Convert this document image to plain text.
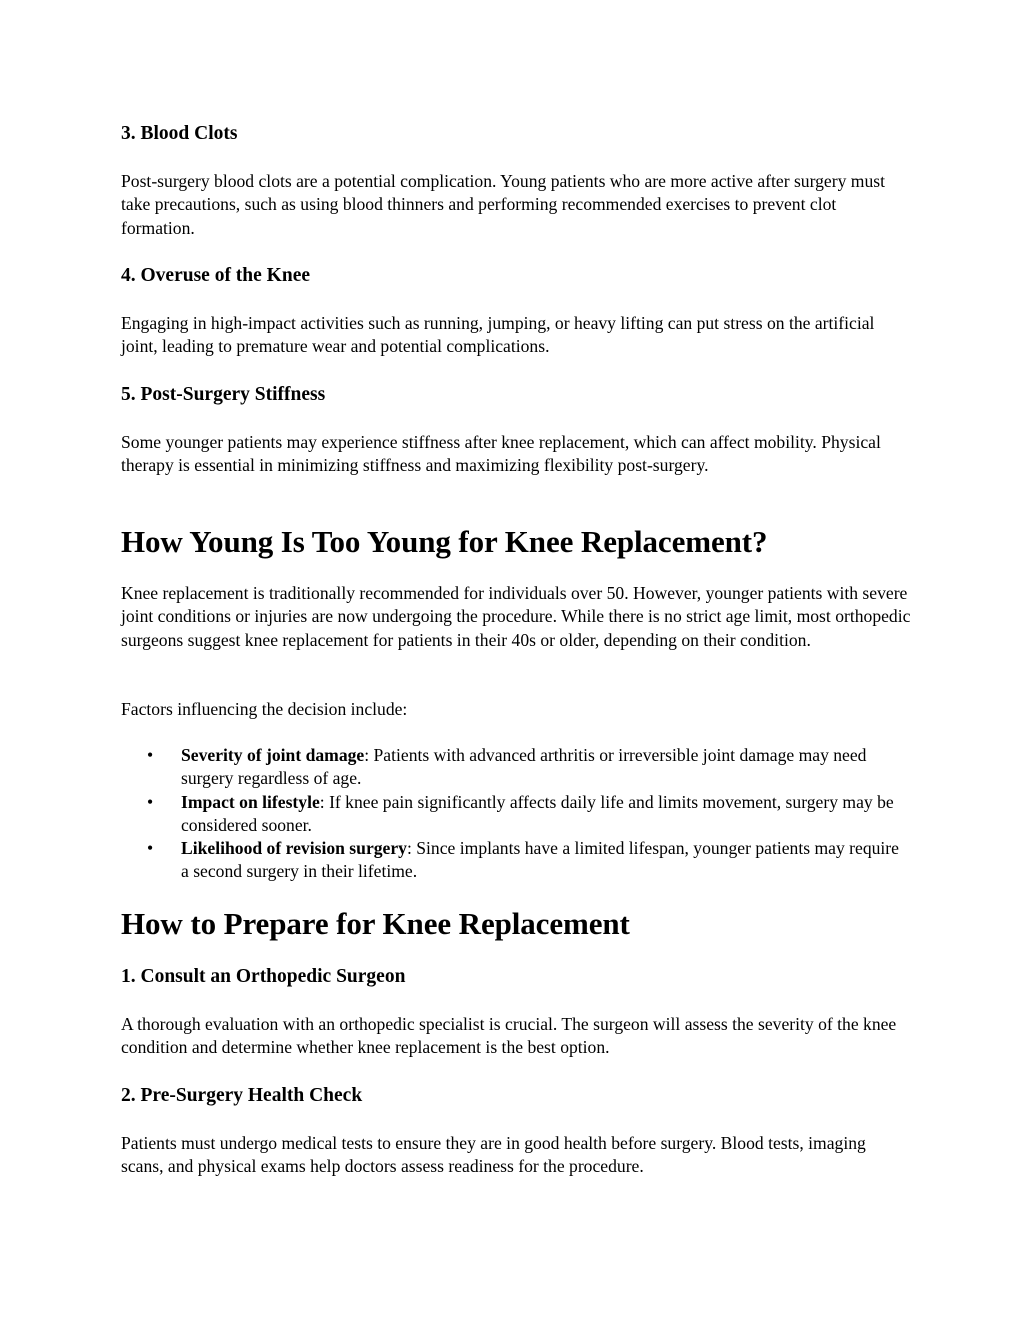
3. Blood Clots

Post-surgery blood clots are a potential complication. Young patients who are more active after surgery must take precautions, such as using blood thinners and performing recommended exercises to prevent clot formation.

4. Overuse of the Knee

Engaging in high-impact activities such as running, jumping, or heavy lifting can put stress on the artificial joint, leading to premature wear and potential complications.

5. Post-Surgery Stiffness

Some younger patients may experience stiffness after knee replacement, which can affect mobility. Physical therapy is essential in minimizing stiffness and maximizing flexibility post-surgery.

How Young Is Too Young for Knee Replacement?

Knee replacement is traditionally recommended for individuals over 50. However, younger patients with severe joint conditions or injuries are now undergoing the procedure. While there is no strict age limit, most orthopedic surgeons suggest knee replacement for patients in their 40s or older, depending on their condition.

Factors influencing the decision include:

• Severity of joint damage: Patients with advanced arthritis or irreversible joint damage may need surgery regardless of age.
• Impact on lifestyle: If knee pain significantly affects daily life and limits movement, surgery may be considered sooner.
• Likelihood of revision surgery: Since implants have a limited lifespan, younger patients may require a second surgery in their lifetime.
How to Prepare for Knee Replacement
1. Consult an Orthopedic Surgeon

A thorough evaluation with an orthopedic specialist is crucial. The surgeon will assess the severity of the knee condition and determine whether knee replacement is the best option.

2. Pre-Surgery Health Check

Patients must undergo medical tests to ensure they are in good health before surgery. Blood tests, imaging scans, and physical exams help doctors assess readiness for the procedure.
